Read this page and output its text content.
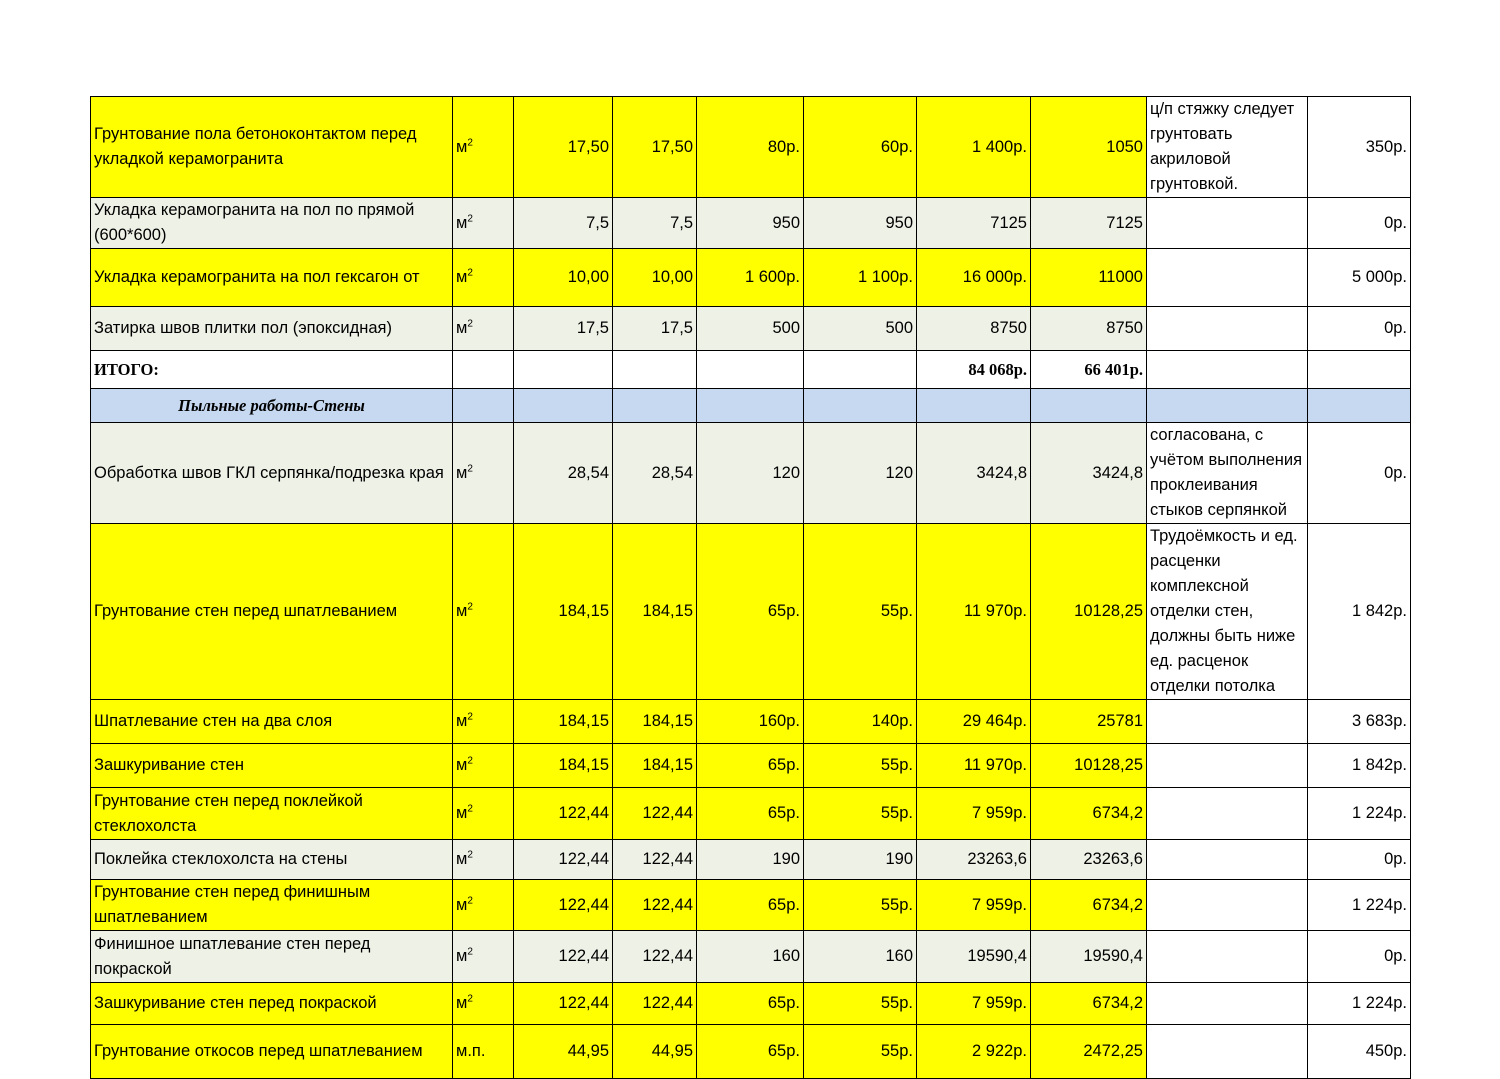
Грунтование пола бетоноконтактом перед укладкой керамогранита	$м^2$	17,50	17,50	80р.	60р.	1 400р.	1050	ц/п стяжку следует грунтовать акриловой грунтовкой.	350р.
Укладка керамогранита на пол по прямой (600*600)	$м^2$	7,5	7,5	950	950	7125	7125		0р.
Укладка керамогранита на пол гексагон от	$м^2$	10,00	10,00	1 600р.	1 100р.	16 000р.	11000		5 000р.
Затирка швов плитки пол (эпоксидная)	$м^2$	17,5	17,5	500	500	8750	8750		0р.
ИТОГО:						84 068р.	66 401р.		
Пыльные работы-Стены									
Обработка швов ГКЛ серпянка/подрезка края	$м^2$	28,54	28,54	120	120	3424,8	3424,8	согласована, с учётом выполнения проклеивания стыков серпянкой	0р.
Грунтование стен перед шпатлеванием	$м^2$	184,15	184,15	65р.	55р.	11 970р.	10128,25	Трудоёмкость и ед. расценки комплексной отделки стен, должны быть ниже ед. расценок отделки потолка	1 842р.
Шпатлевание стен на два слоя	$м^2$	184,15	184,15	160р.	140р.	29 464р.	25781		3 683р.
Зашкуривание стен	$м^2$	184,15	184,15	65р.	55р.	11 970р.	10128,25		1 842р.
Грунтование стен перед поклейкой стеклохолста	$м^2$	122,44	122,44	65р.	55р.	7 959р.	6734,2		1 224р.
Поклейка стеклохолста на стены	$м^2$	122,44	122,44	190	190	23263,6	23263,6		0р.
Грунтование стен перед финишным шпатлеванием	$м^2$	122,44	122,44	65р.	55р.	7 959р.	6734,2		1 224р.
Финишное шпатлевание стен перед покраской	$м^2$	122,44	122,44	160	160	19590,4	19590,4		0р.
Зашкуривание стен перед покраской	$м^2$	122,44	122,44	65р.	55р.	7 959р.	6734,2		1 224р.
Грунтование откосов перед шпатлеванием	м.п.	44,95	44,95	65р.	55р.	2 922р.	2472,25		450р.
